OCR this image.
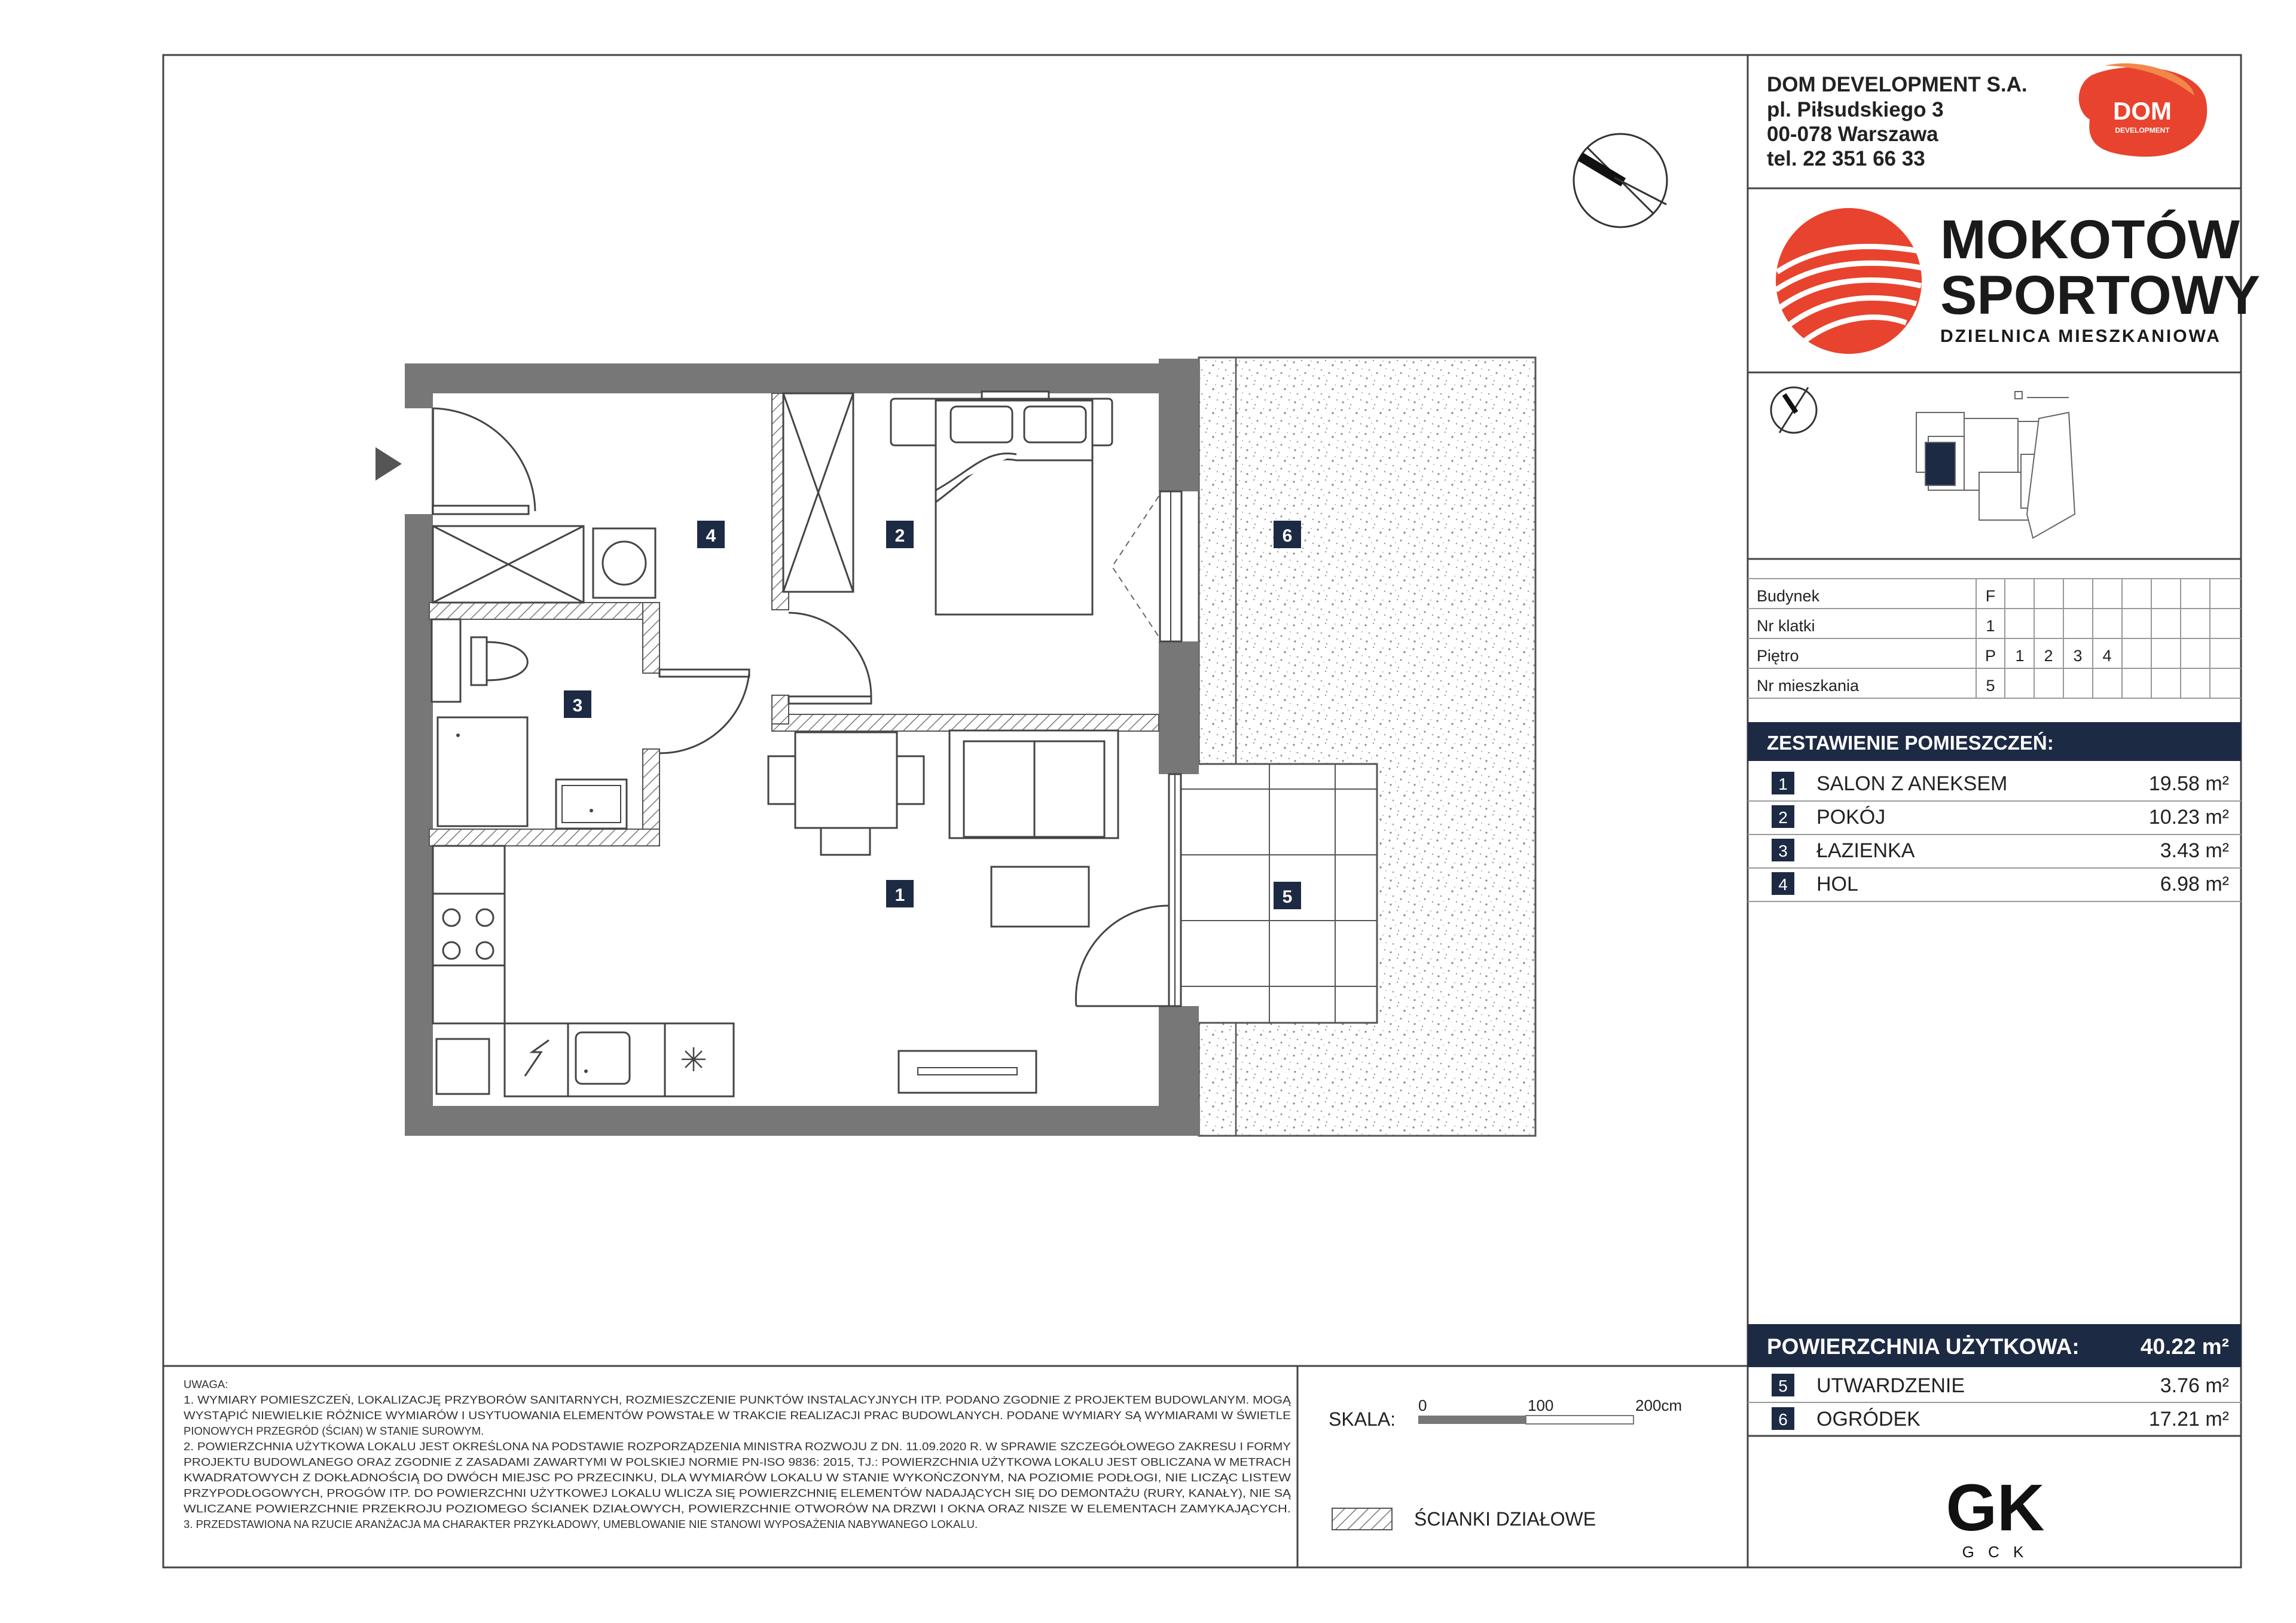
1
2
3
4
5
6
DOM DEVELOPMENT S.A.
pl. Piłsudskiego 3
00-078 Warszawa
tel. 22 351 66 33
DOM
DEVELOPMENT
MOKOTÓW
SPORTOWY
DZIELNICA MIESZKANIOWA
Budynek	F
Nr klatki	1
Piętro	P 1 2 3 4
Nr mieszkania	5
ZESTAWIENIE POMIESZCZEŃ:
1 SALON Z ANEKSEM	19.58 m²
2 POKÓJ	10.23 m²
3 ŁAZIENKA	3.43 m²
4 HOL	6.98 m²
POWIERZCHNIA UŻYTKOWA:	40.22 m²
5 UTWARDZENIE	3.76 m²
6 OGRÓDEK	17.21 m²
GK
G C K
UWAGA:
1. WYMIARY POMIESZCZEŃ, LOKALIZACJĘ PRZYBORÓW SANITARNYCH, ROZMIESZCZENIE PUNKTÓW INSTALACYJNYCH ITP. PODANO ZGODNIE Z PROJEKTEM BUDOWLANYM. MOGĄ
WYSTĄPIĆ NIEWIELKIE RÓŻNICE WYMIARÓW I USYTUOWANIA ELEMENTÓW POWSTAŁE W TRAKCIE REALIZACJI PRAC BUDOWLANYCH. PODANE WYMIARY SĄ WYMIARAMI W ŚWIETLE
PIONOWYCH PRZEGRÓD (ŚCIAN) W STANIE SUROWYM.
2. POWIERZCHNIA UŻYTKOWA LOKALU JEST OKREŚLONA NA PODSTAWIE ROZPORZĄDZENIA MINISTRA ROZWOJU Z DN. 11.09.2020 R. W SPRAWIE SZCZEGÓŁOWEGO ZAKRESU I FORMY
PROJEKTU BUDOWLANEGO ORAZ ZGODNIE Z ZASADAMI ZAWARTYMI W POLSKIEJ NORMIE PN-ISO 9836: 2015, TJ.: POWIERZCHNIA UŻYTKOWA LOKALU JEST OBLICZANA W METRACH
KWADRATOWYCH Z DOKŁADNOŚCIĄ DO DWÓCH MIEJSC PO PRZECINKU, DLA WYMIARÓW LOKALU W STANIE WYKOŃCZONYM, NA POZIOMIE PODŁOGI, NIE LICZĄC LISTEW
PRZYPODŁOGOWYCH, PROGÓW ITP. DO POWIERZCHNI UŻYTKOWEJ LOKALU WLICZA SIĘ POWIERZCHNIĘ ELEMENTÓW NADAJĄCYCH SIĘ DO DEMONTAŻU (RURY, KANAŁY), NIE SĄ
WLICZANE POWIERZCHNIE PRZEKROJU POZIOMEGO ŚCIANEK DZIAŁOWYCH, POWIERZCHNIE OTWORÓW NA DRZWI I OKNA ORAZ NISZE W ELEMENTACH ZAMYKAJĄCYCH.
3. PRZEDSTAWIONA NA RZUCIE ARANŻACJA MA CHARAKTER PRZYKŁADOWY, UMEBLOWANIE NIE STANOWI WYPOSAŻENIA NABYWANEGO LOKALU.
SKALA:
0	100	200cm
ŚCIANKI DZIAŁOWE
